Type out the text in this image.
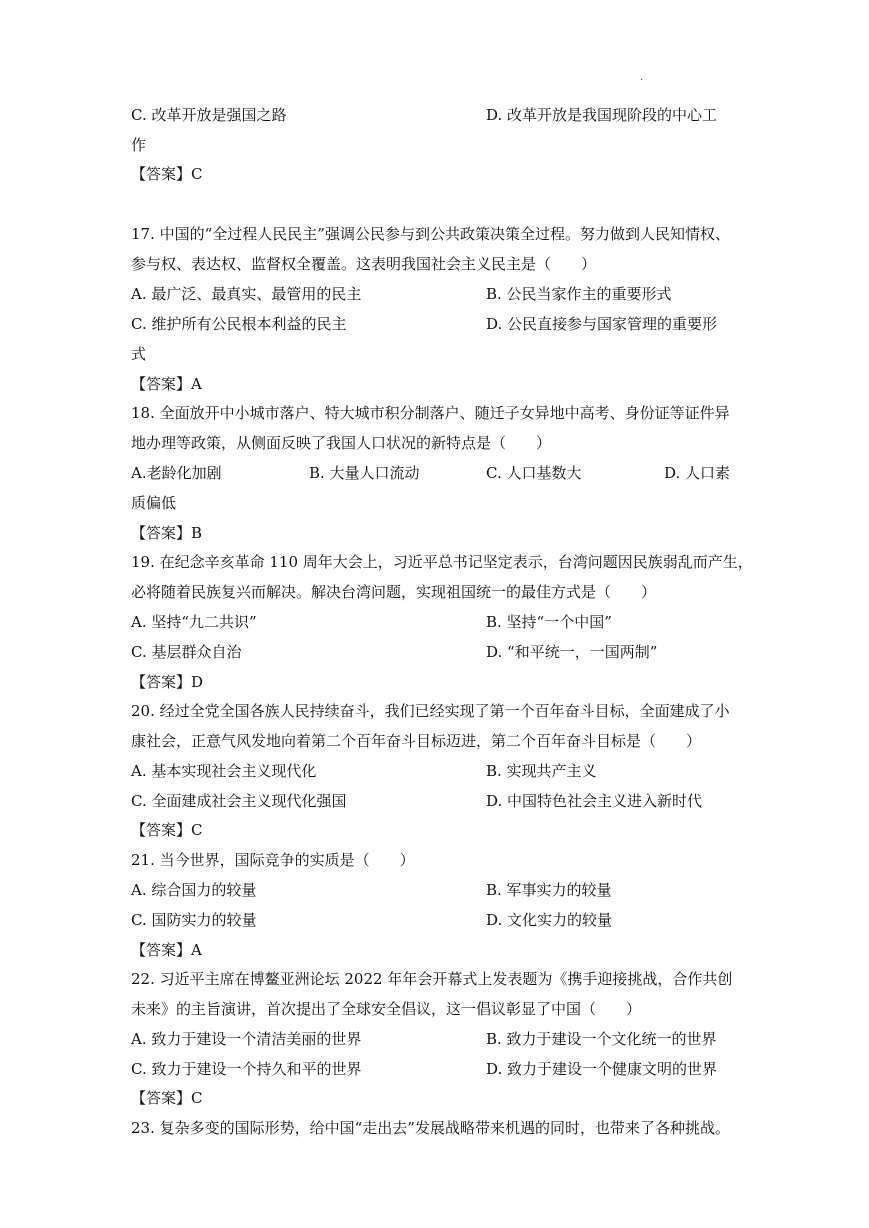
.
C. 改革开放是强国之路	D. 改革开放是我国现阶段的中心工
作
【答案】C
17. 中国的“全过程人民民主”强调公民参与到公共政策决策全过程。努力做到人民知情权、
参与权、表达权、监督权全覆盖。这表明我国社会主义民主是（　　）
A. 最广泛、最真实、最管用的民主	B. 公民当家作主的重要形式
C. 维护所有公民根本利益的民主	D. 公民直接参与国家管理的重要形
式
【答案】A
18. 全面放开中小城市落户、特大城市积分制落户、随迁子女异地中高考、身份证等证件异
地办理等政策，从侧面反映了我国人口状况的新特点是（　　）
A.老龄化加剧	B. 大量人口流动	C. 人口基数大	D. 人口素
质偏低
【答案】B
19. 在纪念辛亥革命 110 周年大会上，习近平总书记坚定表示，台湾问题因民族弱乱而产生，
必将随着民族复兴而解决。解决台湾问题，实现祖国统一的最佳方式是（　　）
A. 坚持“九二共识”	B. 坚持“一个中国”
C. 基层群众自治	D. “和平统一，一国两制”
【答案】D
20. 经过全党全国各族人民持续奋斗，我们已经实现了第一个百年奋斗目标，全面建成了小
康社会，正意气风发地向着第二个百年奋斗目标迈进，第二个百年奋斗目标是（　　）
A. 基本实现社会主义现代化	B. 实现共产主义
C. 全面建成社会主义现代化强国	D. 中国特色社会主义进入新时代
【答案】C
21. 当今世界，国际竞争的实质是（　　）
A. 综合国力的较量	B. 军事实力的较量
C. 国防实力的较量	D. 文化实力的较量
【答案】A
22. 习近平主席在博鳌亚洲论坛 2022 年年会开幕式上发表题为《携手迎接挑战，合作共创
未来》的主旨演讲，首次提出了全球安全倡议，这一倡议彰显了中国（　　）
A. 致力于建设一个清洁美丽的世界	B. 致力于建设一个文化统一的世界
C. 致力于建设一个持久和平的世界	D. 致力于建设一个健康文明的世界
【答案】C
23. 复杂多变的国际形势，给中国“走出去”发展战略带来机遇的同时，也带来了各种挑战。
